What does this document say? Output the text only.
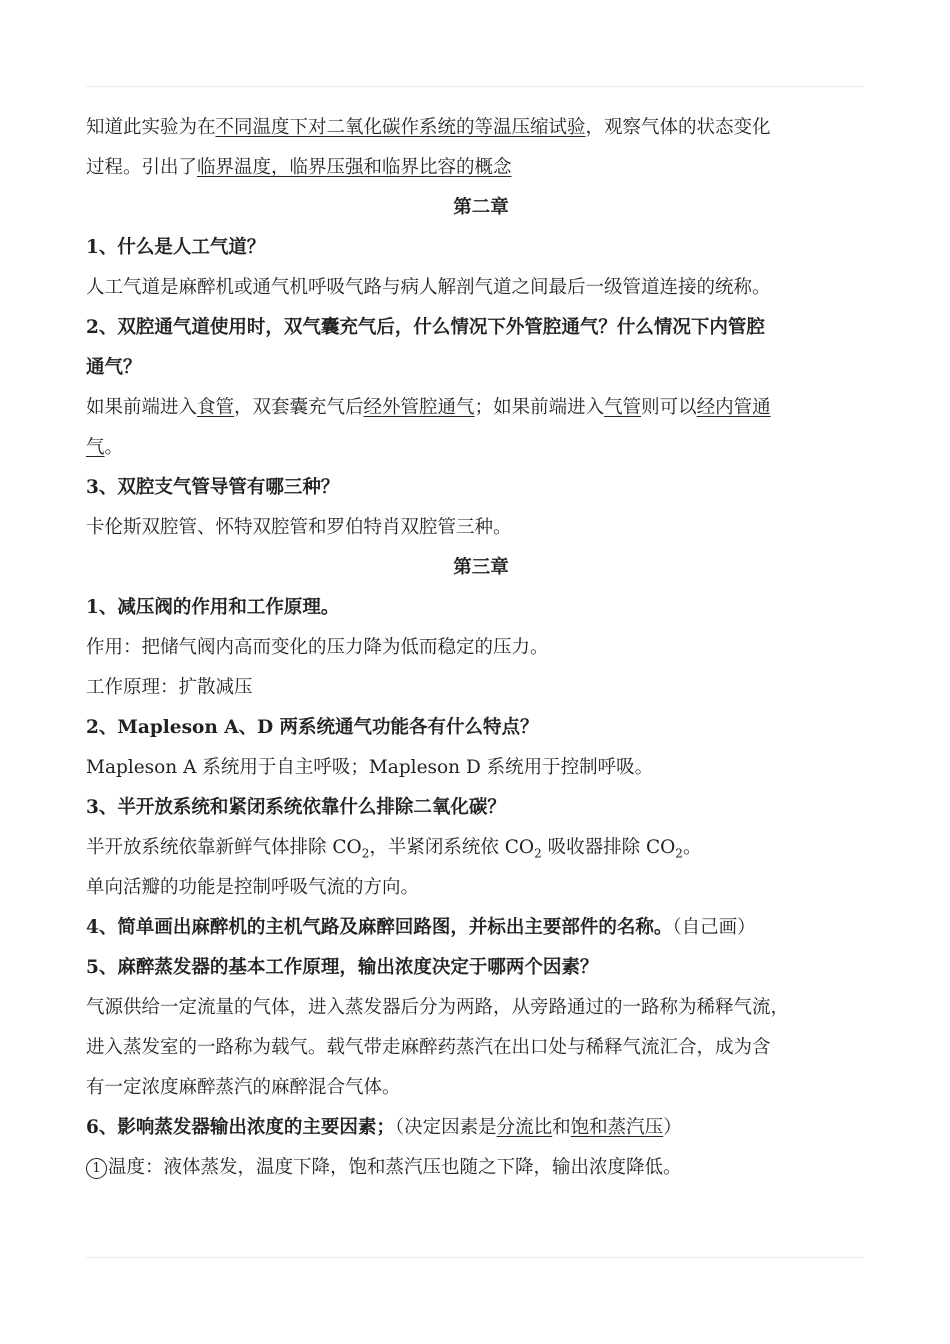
知道此实验为在不同温度下对二氧化碳作系统的等温压缩试验，观察气体的状态变化
过程。引出了临界温度，临界压强和临界比容的概念
第二章
1、什么是人工气道？
人工气道是麻醉机或通气机呼吸气路与病人解剖气道之间最后一级管道连接的统称。
2、双腔通气道使用时，双气囊充气后，什么情况下外管腔通气？什么情况下内管腔
通气？
如果前端进入食管，双套囊充气后经外管腔通气；如果前端进入气管则可以经内管通
气。
3、双腔支气管导管有哪三种？
卡伦斯双腔管、怀特双腔管和罗伯特肖双腔管三种。
第三章
1、减压阀的作用和工作原理。
作用：把储气阀内高而变化的压力降为低而稳定的压力。
工作原理：扩散减压
2、Mapleson A、D 两系统通气功能各有什么特点？
Mapleson A 系统用于自主呼吸；Mapleson D 系统用于控制呼吸。
3、半开放系统和紧闭系统依靠什么排除二氧化碳？
半开放系统依靠新鲜气体排除 $CO_2$，半紧闭系统依 $CO_2$ 吸收器排除 $CO_2$。
单向活瓣的功能是控制呼吸气流的方向。
4、简单画出麻醉机的主机气路及麻醉回路图，并标出主要部件的名称。（自己画）
5、麻醉蒸发器的基本工作原理，输出浓度决定于哪两个因素？
气源供给一定流量的气体，进入蒸发器后分为两路，从旁路通过的一路称为稀释气流，
进入蒸发室的一路称为载气。载气带走麻醉药蒸汽在出口处与稀释气流汇合，成为含
有一定浓度麻醉蒸汽的麻醉混合气体。
6、影响蒸发器输出浓度的主要因素；（决定因素是分流比和饱和蒸汽压）
1 温度：液体蒸发，温度下降，饱和蒸汽压也随之下降，输出浓度降低。
